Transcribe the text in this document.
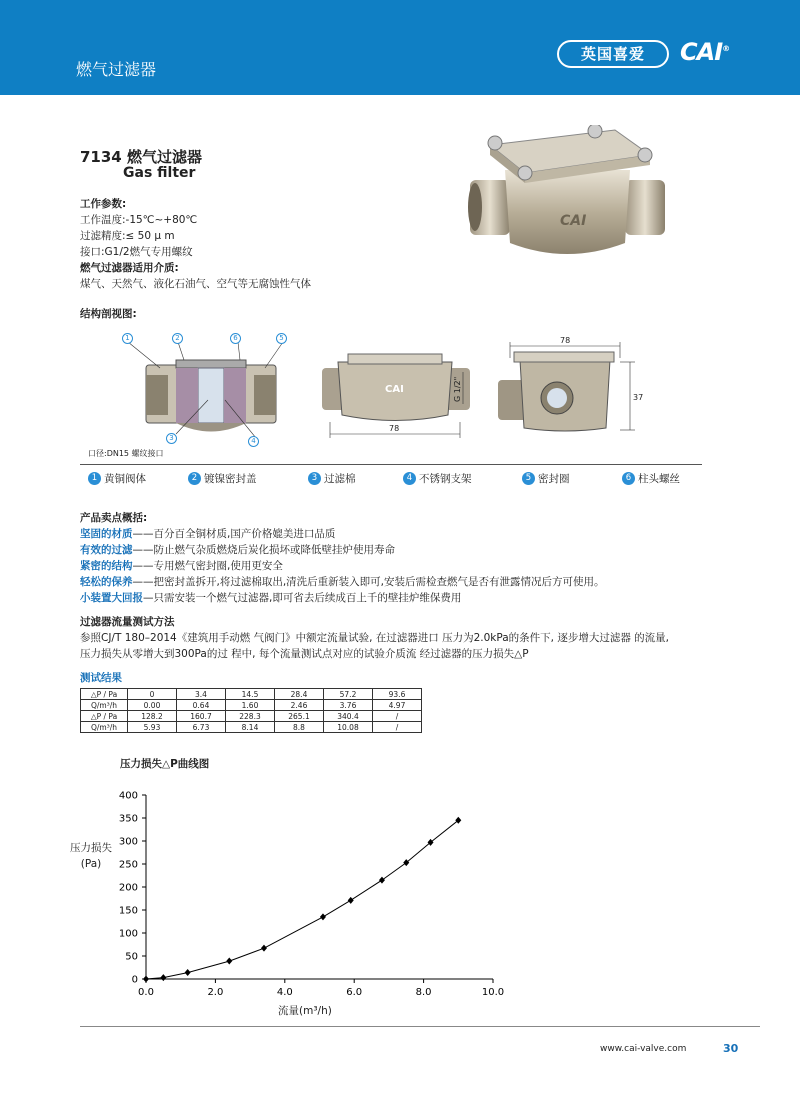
燃气过滤器
英国喜爱	CAI®
7134 燃气过滤器
Gas filter
工作参数:
工作温度:-15℃~+80℃
过滤精度:≤ 50 μ m
接口:G1/2燃气专用螺纹
燃气过滤器适用介质:
煤气、天然气、液化石油气、空气等无腐蚀性气体
CAI
结构剖视图:
CAI
78
G 1/2"
78
37
1	2
3	4
5
6
口径:DN15 螺纹接口
1 黄铜阀体	2 镀镍密封盖	3 过滤棉	4 不锈钢支架	5 密封圈	6 柱头螺丝
产品卖点概括:
坚固的材质——百分百全铜材质,国产价格媲美进口品质
有效的过滤——防止燃气杂质燃烧后炭化损坏或降低壁挂炉使用寿命
紧密的结构——专用燃气密封圈,使用更安全
轻松的保养——把密封盖拆开,将过滤棉取出,清洗后重新装入即可,安装后需检查燃气是否有泄露情况后方可使用。
小装置大回报—只需安装一个燃气过滤器,即可省去后续成百上千的壁挂炉维保费用
过滤器流量测试方法
参照CJ/T 180–2014《建筑用手动燃 气阀门》中额定流量试验, 在过滤器进口 压力为2.0kPa的条件下, 逐步增大过滤器 的流量,
压力损失从零增大到300Pa的过 程中, 每个流量测试点对应的试验介质流 经过滤器的压力损失△P
测试结果
△P / Pa	0	3.4	14.5	28.4	57.2	93.6
Q/m³/h	0.00	0.64	1.60	2.46	3.76	4.97
△P / Pa	128.2	160.7	228.3	265.1	340.4	/
Q/m³/h	5.93	6.73	8.14	8.8	10.08	/
压力损失△P曲线图
压力损失
(Pa)
0
50
100
150
200
250
300
350
400
0.0	2.0	4.0	6.0	8.0	10.0
流量(m³/h)
www.cai-valve.com	30
